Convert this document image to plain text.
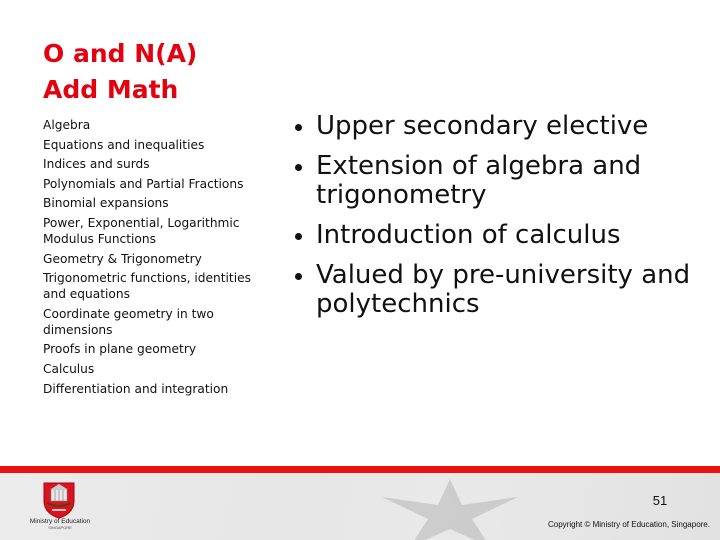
O and N(A)
Add Math
Algebra
Equations and inequalities
Indices and surds
Polynomials and Partial Fractions
Binomial expansions
Power, Exponential, Logarithmic Modulus Functions
Geometry & Trigonometry
Trigonometric functions, identities and equations
Coordinate geometry in two dimensions
Proofs in plane geometry
Calculus
Differentiation and integration
Upper secondary elective
Extension of algebra and trigonometry
Introduction of calculus
Valued by pre-university and polytechnics
Ministry of Education
SINGAPORE
51
Copyright © Ministry of Education, Singapore.
